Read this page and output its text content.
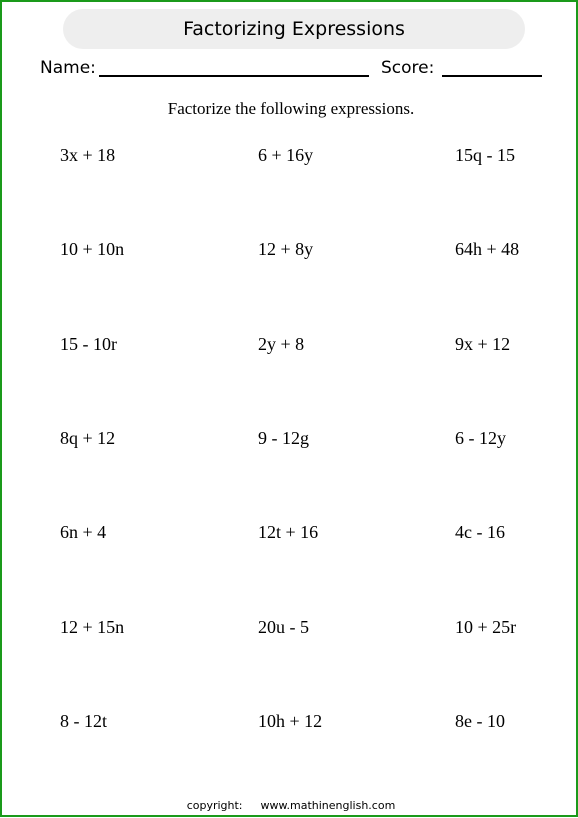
Factorizing Expressions
Name:	Score:
Factorize the following expressions.
3x + 18	6 + 16y	15q - 15
10 + 10n	12 + 8y	64h + 48
15 - 10r	2y + 8	9x + 12
8q + 12	9 - 12g	6 - 12y
6n + 4	12t + 16	4c - 16
12 + 15n	20u - 5	10 + 25r
8 - 12t	10h + 12	8e - 10
copyright: www.mathinenglish.com
